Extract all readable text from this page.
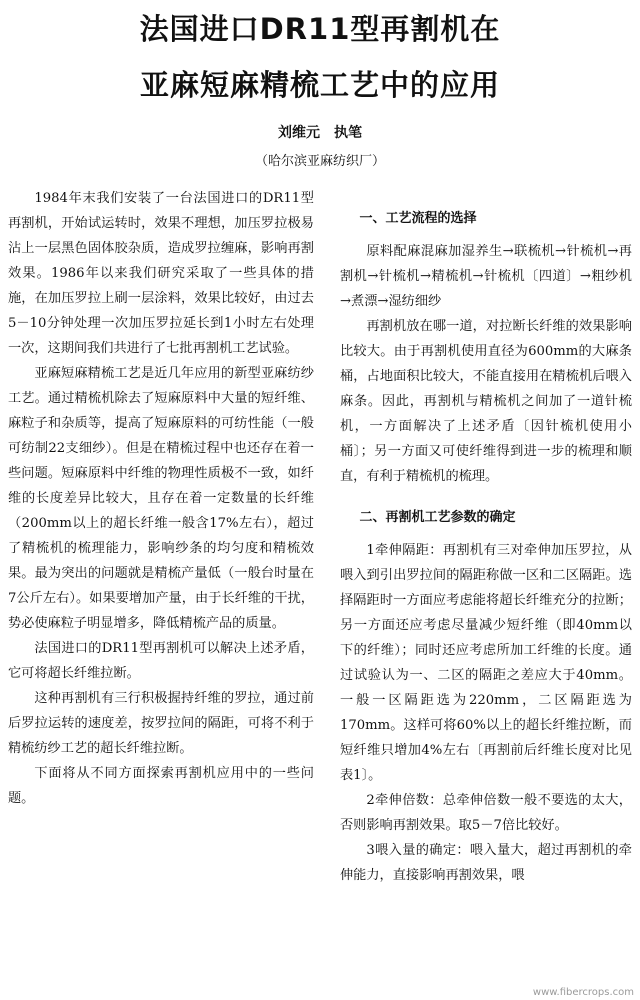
法国进口DR11型再割机在
亚麻短麻精梳工艺中的应用
刘维元　执笔
（哈尔滨亚麻纺织厂）

1984年末我们安装了一台法国进口的DR11型再割机，开始试运转时，效果不理想，加压罗拉极易沾上一层黑色固体胶杂质，造成罗拉缠麻，影响再割效果。1986年以来我们研究采取了一些具体的措施，在加压罗拉上刷一层涂料，效果比较好，由过去5－10分钟处理一次加压罗拉延长到1小时左右处理一次，这期间我们共进行了七批再割机工艺试验。

亚麻短麻精梳工艺是近几年应用的新型亚麻纺纱工艺。通过精梳机除去了短麻原料中大量的短纤维、麻粒子和杂质等，提高了短麻原料的可纺性能（一般可纺制22支细纱）。但是在精梳过程中也还存在着一些问题。短麻原料中纤维的物理性质极不一致，如纤维的长度差异比较大，且存在着一定数量的长纤维（200mm以上的超长纤维一般含17%左右），超过了精梳机的梳理能力，影响纱条的均匀度和精梳效果。最为突出的问题就是精梳产量低（一般台时量在7公斤左右）。如果要增加产量，由于长纤维的干扰，势必使麻粒子明显增多，降低精梳产品的质量。

法国进口的DR11型再割机可以解决上述矛盾，它可将超长纤维拉断。

这种再割机有三行积极握持纤维的罗拉，通过前后罗拉运转的速度差，按罗拉间的隔距，可将不利于精梳纺纱工艺的超长纤维拉断。

下面将从不同方面探索再割机应用中的一些问题。

一、工艺流程的选择

原料配麻混麻加湿养生→联梳机→针梳机→再割机→针梳机→精梳机→针梳机〔四道〕→粗纱机→煮漂→湿纺细纱

再割机放在哪一道，对拉断长纤维的效果影响比较大。由于再割机使用直径为600mm的大麻条桶，占地面积比较大，不能直接用在精梳机后喂入麻条。因此，再割机与精梳机之间加了一道针梳机，一方面解决了上述矛盾〔因针梳机使用小桶〕；另一方面又可使纤维得到进一步的梳理和顺直，有利于精梳机的梳理。

二、再割机工艺参数的确定

1牵伸隔距：再割机有三对牵伸加压罗拉，从喂入到引出罗拉间的隔距称做一区和二区隔距。选择隔距时一方面应考虑能将超长纤维充分的拉断；另一方面还应考虑尽量减少短纤维（即40mm以下的纤维）；同时还应考虑所加工纤维的长度。通过试验认为一、二区的隔距之差应大于40mm。一般一区隔距选为220mm，二区隔距选为170mm。这样可将60%以上的超长纤维拉断，而短纤维只增加4%左右〔再割前后纤维长度对比见表1〕。

2牵伸倍数：总牵伸倍数一般不要选的太大，否则影响再割效果。取5－7倍比较好。

3喂入量的确定：喂入量大，超过再割机的牵伸能力，直接影响再割效果，喂

www.fibercrops.com
